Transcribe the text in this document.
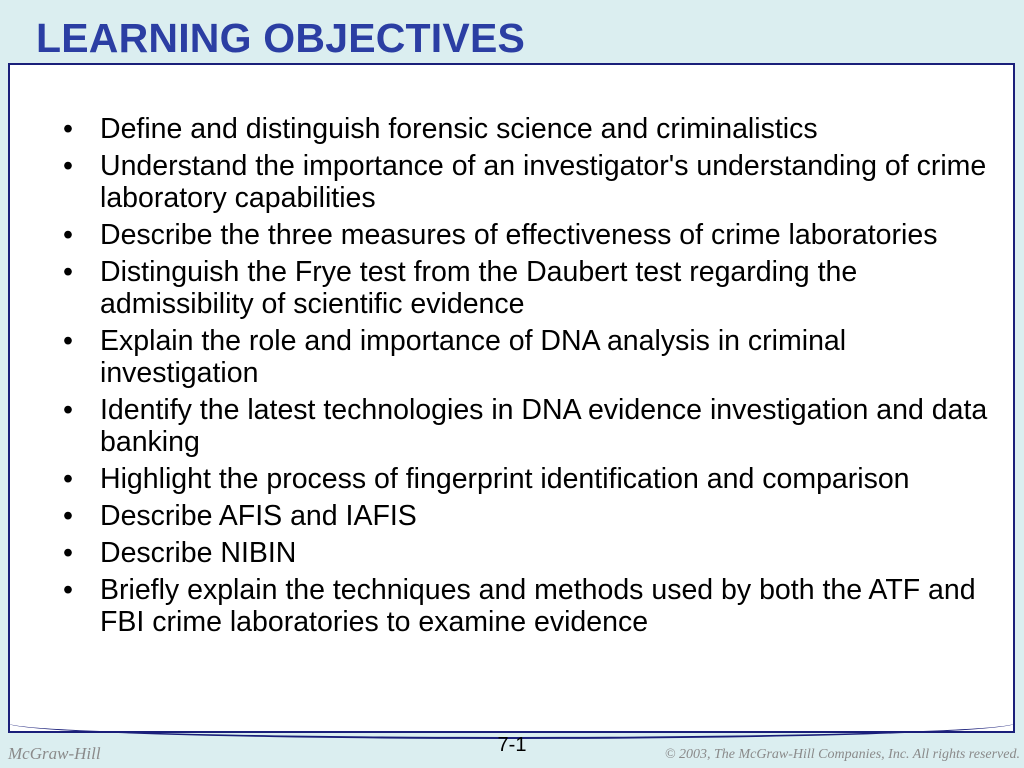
LEARNING OBJECTIVES
• Define and distinguish forensic science and criminalistics
• Understand the importance of an investigator's understanding of crime laboratory capabilities
• Describe the three measures of effectiveness of crime laboratories
• Distinguish the Frye test from the Daubert test regarding the admissibility of scientific evidence
• Explain the role and importance of DNA analysis in criminal investigation
• Identify the latest technologies in DNA evidence investigation and data banking
• Highlight the process of fingerprint identification and comparison
• Describe AFIS and IAFIS
• Describe NIBIN
• Briefly explain the techniques and methods used by both the ATF and FBI crime laboratories to examine evidence
McGraw-Hill	7-1	© 2003, The McGraw-Hill Companies, Inc. All rights reserved.
